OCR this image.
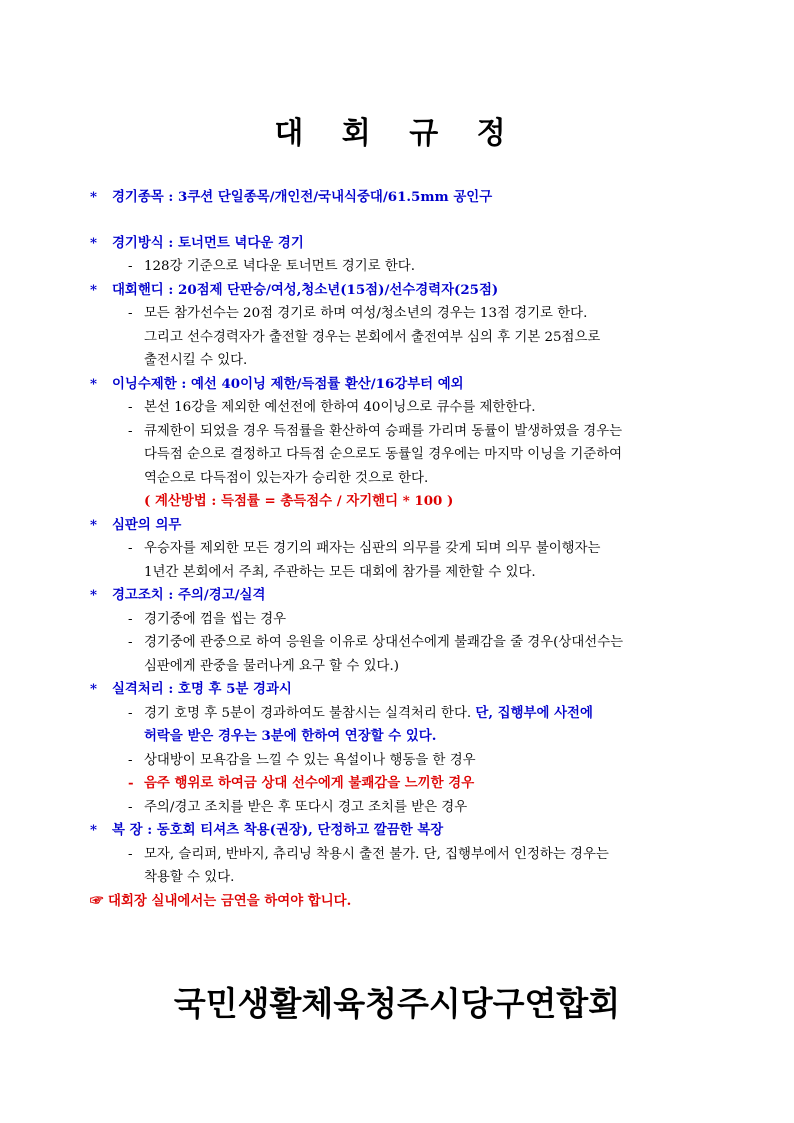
대 회 규 정
* 경기종목 : 3쿠션 단일종목/개인전/국내식중대/61.5mm 공인구
* 경기방식 : 토너먼트 녁다운 경기
- 128강 기준으로 녁다운 토너먼트 경기로 한다.
* 대회핸디 : 20점제 단판승/여성,청소년(15점)/선수경력자(25점)
- 모든 참가선수는 20점 경기로 하며 여성/청소년의 경우는 13점 경기로 한다.
그리고 선수경력자가 출전할 경우는 본회에서 출전여부 심의 후 기본 25점으로
출전시킬 수 있다.
* 이닝수제한 : 예선 40이닝 제한/득점률 환산/16강부터 예외
- 본선 16강을 제외한 예선전에 한하여 40이닝으로 큐수를 제한한다.
- 큐제한이 되었을 경우 득점률을 환산하여 승패를 가리며 동률이 발생하였을 경우는
다득점 순으로 결정하고 다득점 순으로도 동률일 경우에는 마지막 이닝을 기준하여
역순으로 다득점이 있는자가 승리한 것으로 한다.
( 계산방법 : 득점률 = 총득점수 / 자기핸디 * 100 )
* 심판의 의무
- 우승자를 제외한 모든 경기의 패자는 심판의 의무를 갖게 되며 의무 불이행자는
1년간 본회에서 주최, 주관하는 모든 대회에 참가를 제한할 수 있다.
* 경고조치 : 주의/경고/실격
- 경기중에 껌을 씹는 경우
- 경기중에 관중으로 하여 응원을 이유로 상대선수에게 불쾌감을 줄 경우(상대선수는
심판에게 관중을 물러나게 요구 할 수 있다.)
* 실격처리 : 호명 후 5분 경과시
- 경기 호명 후 5분이 경과하여도 불참시는 실격처리 한다. 단, 집행부에 사전에
허락을 받은 경우는 3분에 한하여 연장할 수 있다.
- 상대방이 모욕감을 느낄 수 있는 욕설이나 행동을 한 경우
- 음주 행위로 하여금 상대 선수에게 불쾌감을 느끼한 경우
- 주의/경고 조치를 받은 후 또다시 경고 조치를 받은 경우
* 복 장 : 동호회 티셔츠 착용(권장), 단정하고 깔끔한 복장
- 모자, 슬리퍼, 반바지, 츄리닝 착용시 출전 불가. 단, 집행부에서 인정하는 경우는
착용할 수 있다.
☞ 대회장 실내에서는 금연을 하여야 합니다.
국민생활체육청주시당구연합회
